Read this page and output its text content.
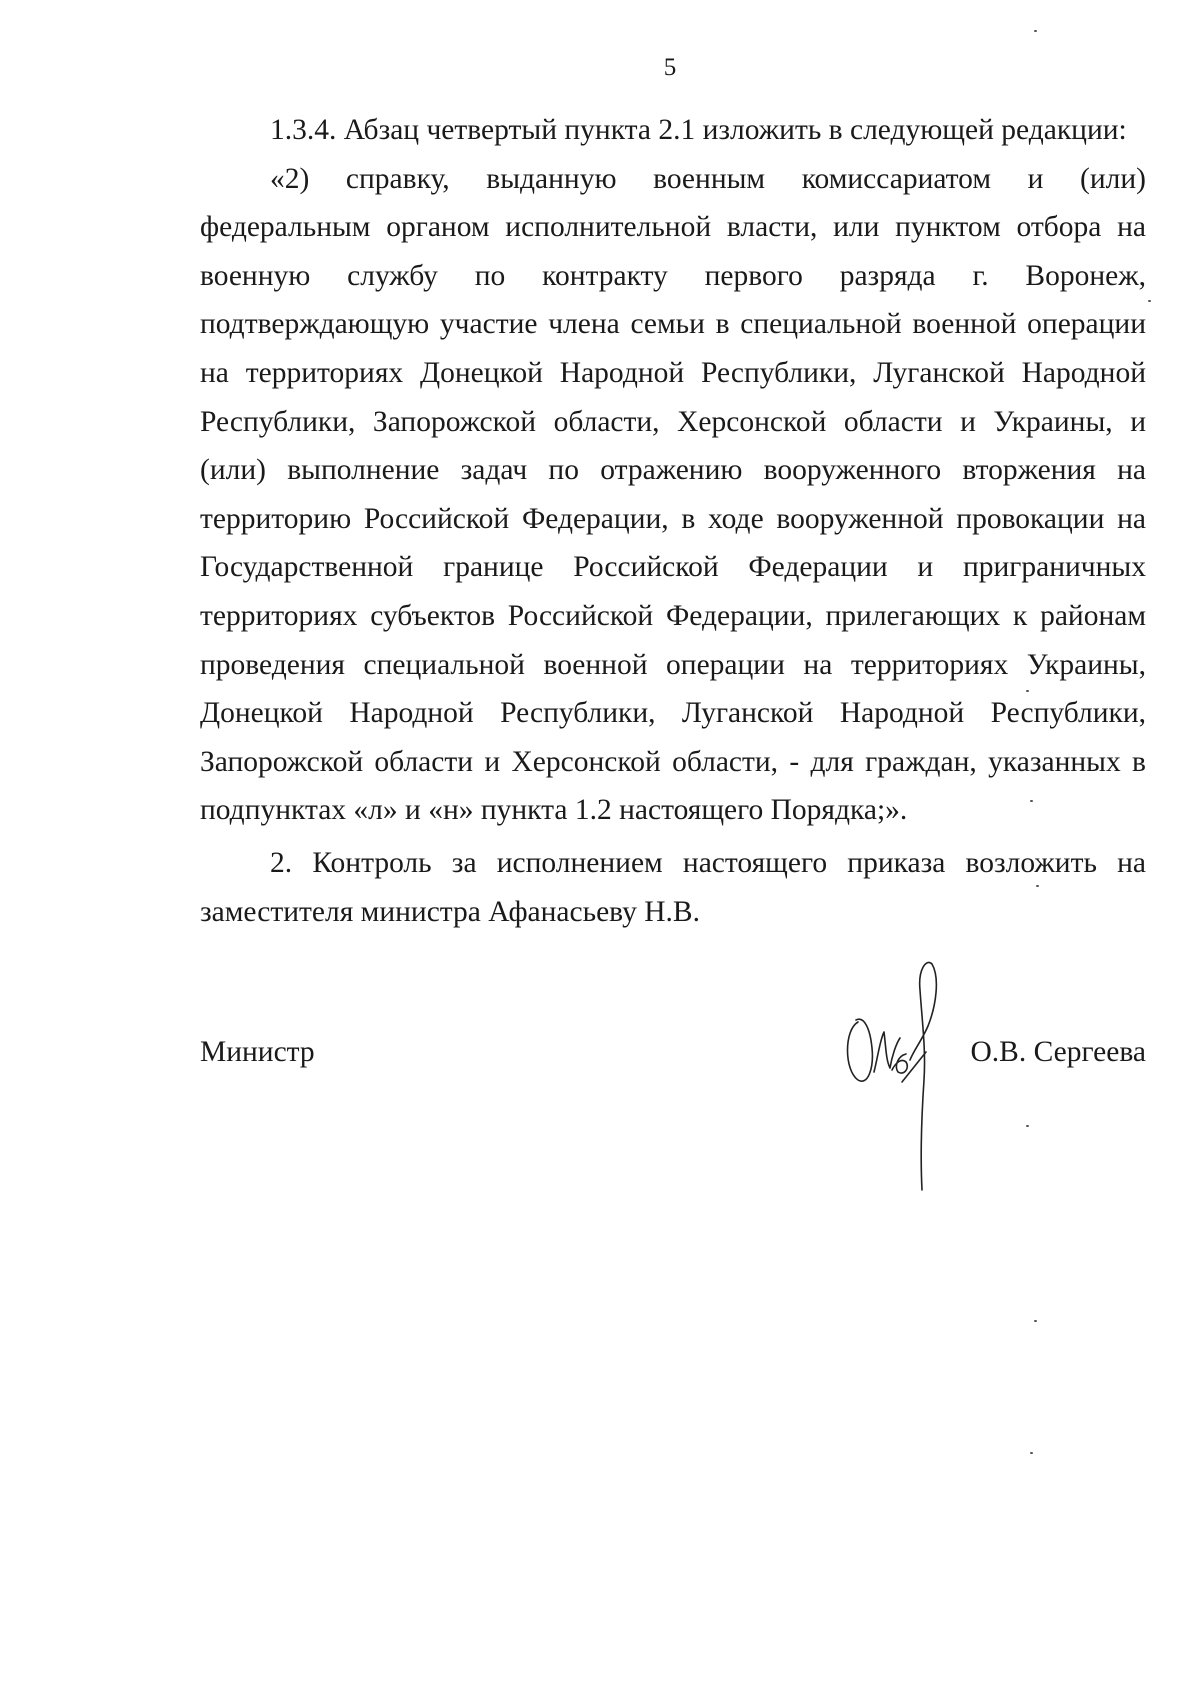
5

1.3.4. Абзац четвертый пункта 2.1 изложить в следующей редакции:

«2) справку, выданную военным комиссариатом и (или) федеральным органом исполнительной власти, или пунктом отбора на военную службу по контракту первого разряда г. Воронеж, подтверждающую участие члена семьи в специальной военной операции на территориях Донецкой Народной Республики, Луганской Народной Республики, Запорожской области, Херсонской области и Украины, и (или) выполнение задач по отражению вооруженного вторжения на территорию Российской Федерации, в ходе вооруженной провокации на Государственной границе Российской Федерации и приграничных территориях субъектов Российской Федерации, прилегающих к районам проведения специальной военной операции на территориях Украины, Донецкой Народной Республики, Луганской Народной Республики, Запорожской области и Херсонской области, - для граждан, указанных в подпунктах «л» и «н» пункта 1.2 настоящего Порядка;».

2. Контроль за исполнением настоящего приказа возложить на заместителя министра Афанасьеву Н.В.

Министр	О.В. Сергеева
